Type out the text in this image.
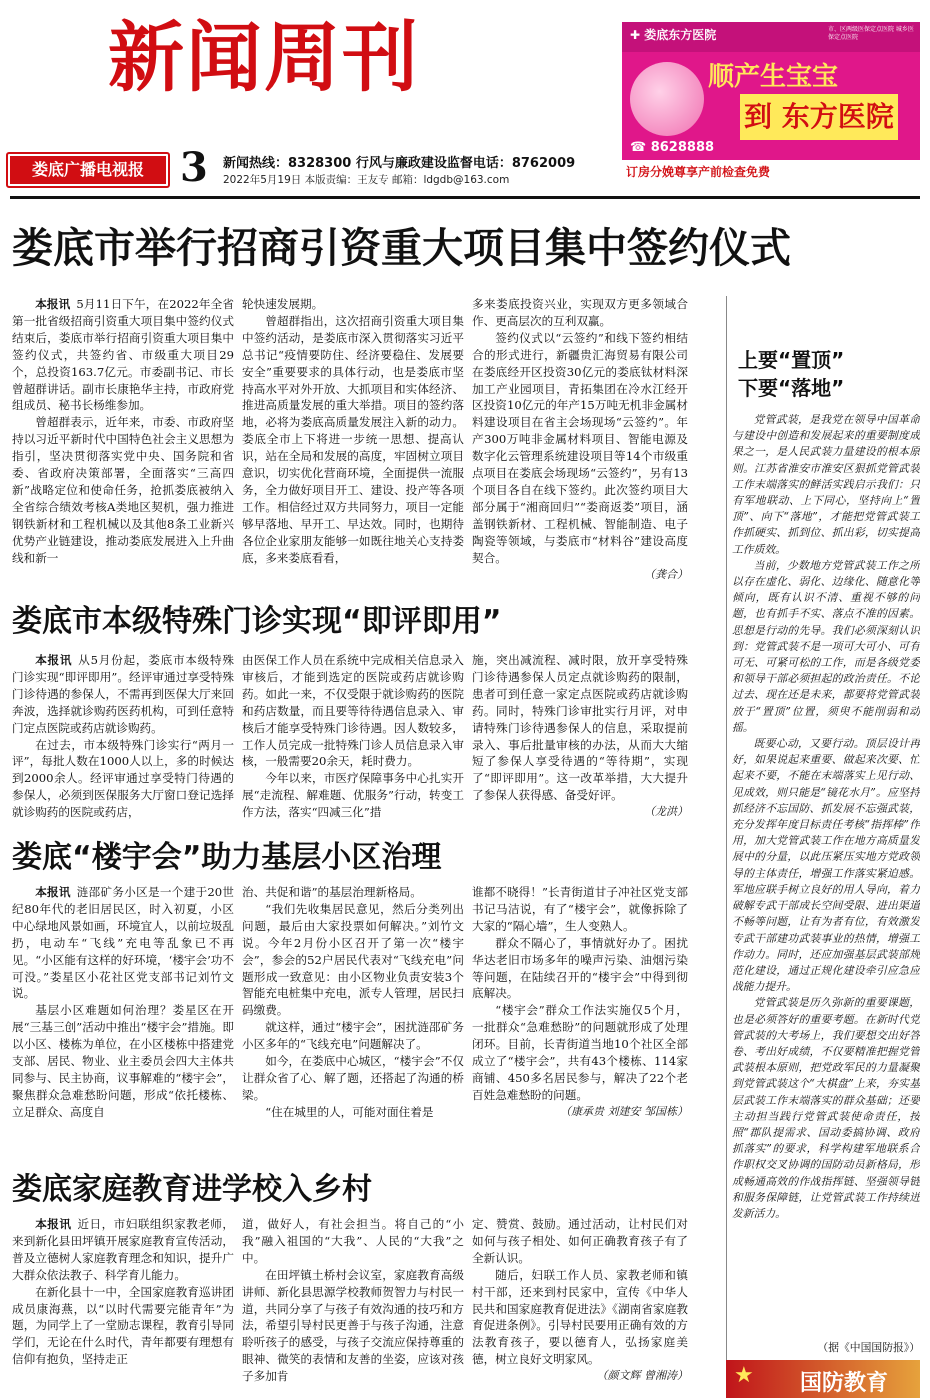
新闻周刊
娄底广播电视报 3 新闻热线：8328300 行风与廉政建设监督电话：8762009
2022年5月19日 本版责编：王友专 邮箱：ldgdb@163.com
✚ 娄底东方医院	市、区两级医保定点医院 城乡医保定点医院
顺产生宝宝
到 东方医院
☎ 8628888
订房分娩尊享产前检查免费
娄底市举行招商引资重大项目集中签约仪式

本报讯 5月11日下午，在2022年全省第一批省级招商引资重大项目集中签约仪式结束后，娄底市举行招商引资重大项目集中签约仪式，共签约省、市级重大项目29个，总投资163.7亿元。市委副书记、市长曾超群讲话。副市长康艳华主持，市政府党组成员、秘书长杨维参加。

曾超群表示，近年来，市委、市政府坚持以习近平新时代中国特色社会主义思想为指引，坚决贯彻落实党中央、国务院和省委、省政府决策部署，全面落实“三高四新”战略定位和使命任务，抢抓娄底被纳入全省综合绩效考核A类地区契机，强力推进钢铁新材和工程机械以及其他8条工业新兴优势产业链建设，推动娄底发展进入上升曲线和新一

轮快速发展期。

曾超群指出，这次招商引资重大项目集中签约活动，是娄底市深入贯彻落实习近平总书记“疫情要防住、经济要稳住、发展要安全”重要要求的具体行动，也是娄底市坚持高水平对外开放、大抓项目和实体经济、推进高质量发展的重大举措。项目的签约落地，必将为娄底高质量发展注入新的动力。娄底全市上下将进一步统一思想、提高认识，站在全局和发展的高度，牢固树立项目意识，切实优化营商环境，全面提供一流服务，全力做好项目开工、建设、投产等各项工作。相信经过双方共同努力，项目一定能够早落地、早开工、早达效。同时，也期待各位企业家朋友能够一如既往地关心支持娄底，多来娄底看看，

多来娄底投资兴业，实现双方更多领域合作、更高层次的互利双赢。

签约仪式以“云签约”和线下签约相结合的形式进行，新疆贵汇海贸易有限公司在娄底经开区投资30亿元的娄底钛材料深加工产业园项目，青拓集团在冷水江经开区投资10亿元的年产15万吨无机非金属材料建设项目在省主会场现场“云签约”。年产300万吨非金属材料项目、智能电源及数字化云管理系统建设项目等14个市级重点项目在娄底会场现场“云签约”，另有13个项目各自在线下签约。此次签约项目大部分属于“湘商回归”“娄商返娄”项目，涵盖钢铁新材、工程机械、智能制造、电子陶瓷等领域，与娄底市“材料谷”建设高度契合。

（龚合）
娄底市本级特殊门诊实现“即评即用”

本报讯 从5月份起，娄底市本级特殊门诊实现“即评即用”。经评审通过享受特殊门诊待遇的参保人，不需再到医保大厅来回奔波，选择就诊购药医药机构，可到任意特门定点医院或药店就诊购药。

在过去，市本级特殊门诊实行“两月一评”，每批人数在1000人以上，多的时候达到2000余人。经评审通过享受特门待遇的参保人，必须到医保服务大厅窗口登记选择就诊购药的医院或药店，

由医保工作人员在系统中完成相关信息录入审核后，才能到选定的医院或药店就诊购药。如此一来，不仅受限于就诊购药的医院和药店数量，而且要等待待遇信息录入、审核后才能享受特殊门诊待遇。因人数较多，工作人员完成一批特殊门诊人员信息录入审核，一般需要20余天，耗时费力。

今年以来，市医疗保障事务中心扎实开展“走流程、解难题、优服务”行动，转变工作方法，落实“四减三化”措

施，突出减流程、减时限，放开享受特殊门诊待遇参保人员定点就诊购药的限制，患者可到任意一家定点医院或药店就诊购药。同时，特殊门诊审批实行月评，对申请特殊门诊待遇参保人的信息，采取提前录入、事后批量审核的办法，从而大大缩短了参保人享受待遇的“等待期”，实现了“即评即用”。这一改革举措，大大提升了参保人获得感、备受好评。

（龙洪）
娄底“楼宇会”助力基层小区治理

本报讯 涟邵矿务小区是一个建于20世纪80年代的老旧居民区，时入初夏，小区中心绿地风景如画，环境宜人，以前垃圾乱扔，电动车“飞线”充电等乱象已不再见。“小区能有这样的好环境，‘楼宇会’功不可没。”娄星区小花社区党支部书记刘竹文说。

基层小区难题如何治理？娄星区在开展“三基三创”活动中推出“楼宇会”措施。即以小区、楼栋为单位，在小区楼栋中搭建党支部、居民、物业、业主委员会四大主体共同参与、民主协商，议事解难的“楼宇会”，聚焦群众急难愁盼问题，形成“依托楼栋、立足群众、高度自

治、共促和谐”的基层治理新格局。

“我们先收集居民意见，然后分类列出问题，最后由大家投票如何解决。”刘竹文说。今年2月份小区召开了第一次“楼宇会”，参会的52户居民代表对“飞线充电”问题形成一致意见：由小区物业负责安装3个智能充电桩集中充电，派专人管理，居民扫码缴费。

就这样，通过“楼宇会”，困扰涟邵矿务小区多年的“飞线充电”问题解决了。

如今，在娄底中心城区，“楼宇会”不仅让群众省了心、解了题，还搭起了沟通的桥梁。

“住在城里的人，可能对面住着是

谁都不晓得！”长青街道甘子冲社区党支部书记马洁说，有了“楼宇会”，就像拆除了大家的“隔心墙”，生人变熟人。

群众不隔心了，事情就好办了。困扰华达老旧市场多年的噪声污染、油烟污染等问题，在陆续召开的“楼宇会”中得到彻底解决。

“楼宇会”群众工作法实施仅5个月，一批群众“急难愁盼”的问题就形成了处理闭环。目前，长青街道当地10个社区全部成立了“楼宇会”，共有43个楼栋、114家商铺、450多名居民参与，解决了22个老百姓急难愁盼的问题。

（康承贵 刘建安 邹国栋）
娄底家庭教育进学校入乡村

本报讯 近日，市妇联组织家教老师，来到新化县田坪镇开展家庭教育宣传活动，普及立德树人家庭教育理念和知识，提升广大群众依法教子、科学育儿能力。

在新化县十一中，全国家庭教育巡讲团成员康海燕，以“以时代需要完能青年”为题，为同学上了一堂励志课程，教育引导同学们，无论在什么时代，青年都要有理想有信仰有抱负，坚持走正

道，做好人，有社会担当。将自己的“小我”融入祖国的“大我”、人民的“大我”之中。

在田坪镇土桥村会议室，家庭教育高级讲师、新化县思源学校教师贺智力与村民一道，共同分享了与孩子有效沟通的技巧和方法，希望引导村民更善于与孩子沟通，注意聆听孩子的感受，与孩子交流应保持尊重的眼神、微笑的表情和友善的坐姿，应该对孩子多加肯

定、赞赏、鼓励。通过活动，让村民们对如何与孩子相处、如何正确教育孩子有了全新认识。

随后，妇联工作人员、家教老师和镇村干部，还来到村民家中，宣传《中华人民共和国家庭教育促进法》《湖南省家庭教育促进条例》。引导村民要用正确有效的方法教育孩子，要以德育人，弘扬家庭美德，树立良好文明家风。

（颜文辉 曾湘涛）
上要“置顶”
下要“落地”

党管武装，是我党在领导中国革命与建设中创造和发展起来的重要制度成果之一，是人民武装力量建设的根本原则。江苏省淮安市淮安区狠抓党管武装工作末端落实的鲜活实践启示我们：只有军地联动、上下同心，坚持向上“置顶”、向下“落地”，才能把党管武装工作抓硬实、抓到位、抓出彩，切实提高工作质效。

当前，少数地方党管武装工作之所以存在虚化、弱化、边缘化、随意化等倾向，既有认识不清、重视不够的问题，也有抓手不实、落点不准的因素。思想是行动的先导。我们必须深刻认识到：党管武装不是一项可大可小、可有可无、可紧可松的工作，而是各级党委和领导干部必须担起的政治责任。不论过去、现在还是未来，都要将党管武装放于“置顶”位置，须臾不能削弱和动摇。

既要心动，又要行动。顶层设计再好，如果说起来重要、做起来次要、忙起来不要，不能在末端落实上见行动、见成效，则只能是“镜花水月”。应坚持抓经济不忘国防、抓发展不忘强武装，充分发挥年度目标责任考核“指挥棒”作用，加大党管武装工作在地方高质量发展中的分量，以此压紧压实地方党政领导的主体责任，增强工作落实紧迫感。军地应联手树立良好的用人导向，着力破解专武干部成长空间受限、进出渠道不畅等问题，让有为者有位，有效激发专武干部建功武装事业的热情，增强工作动力。同时，还应加强基层武装部规范化建设，通过正规化建设牵引应急应战能力提升。

党管武装是历久弥新的重要课题，也是必须答好的重要考题。在新时代党管武装的大考场上，我们要想交出好答卷、考出好成绩，不仅要精准把握党管武装根本原则，把党政军民的力量凝聚到党管武装这个“大棋盘”上来，夯实基层武装工作末端落实的群众基础；还要主动担当践行党管武装使命责任，按照“郡队提需求、国动委搞协调、政府抓落实”的要求，科学构建军地联系合作职权交叉协调的国防动员新格局，形成畅通高效的作战指挥链、坚强领导链和服务保障链，让党管武装工作持续迸发新活力。

（据《中国国防报》）
★ 国防教育
